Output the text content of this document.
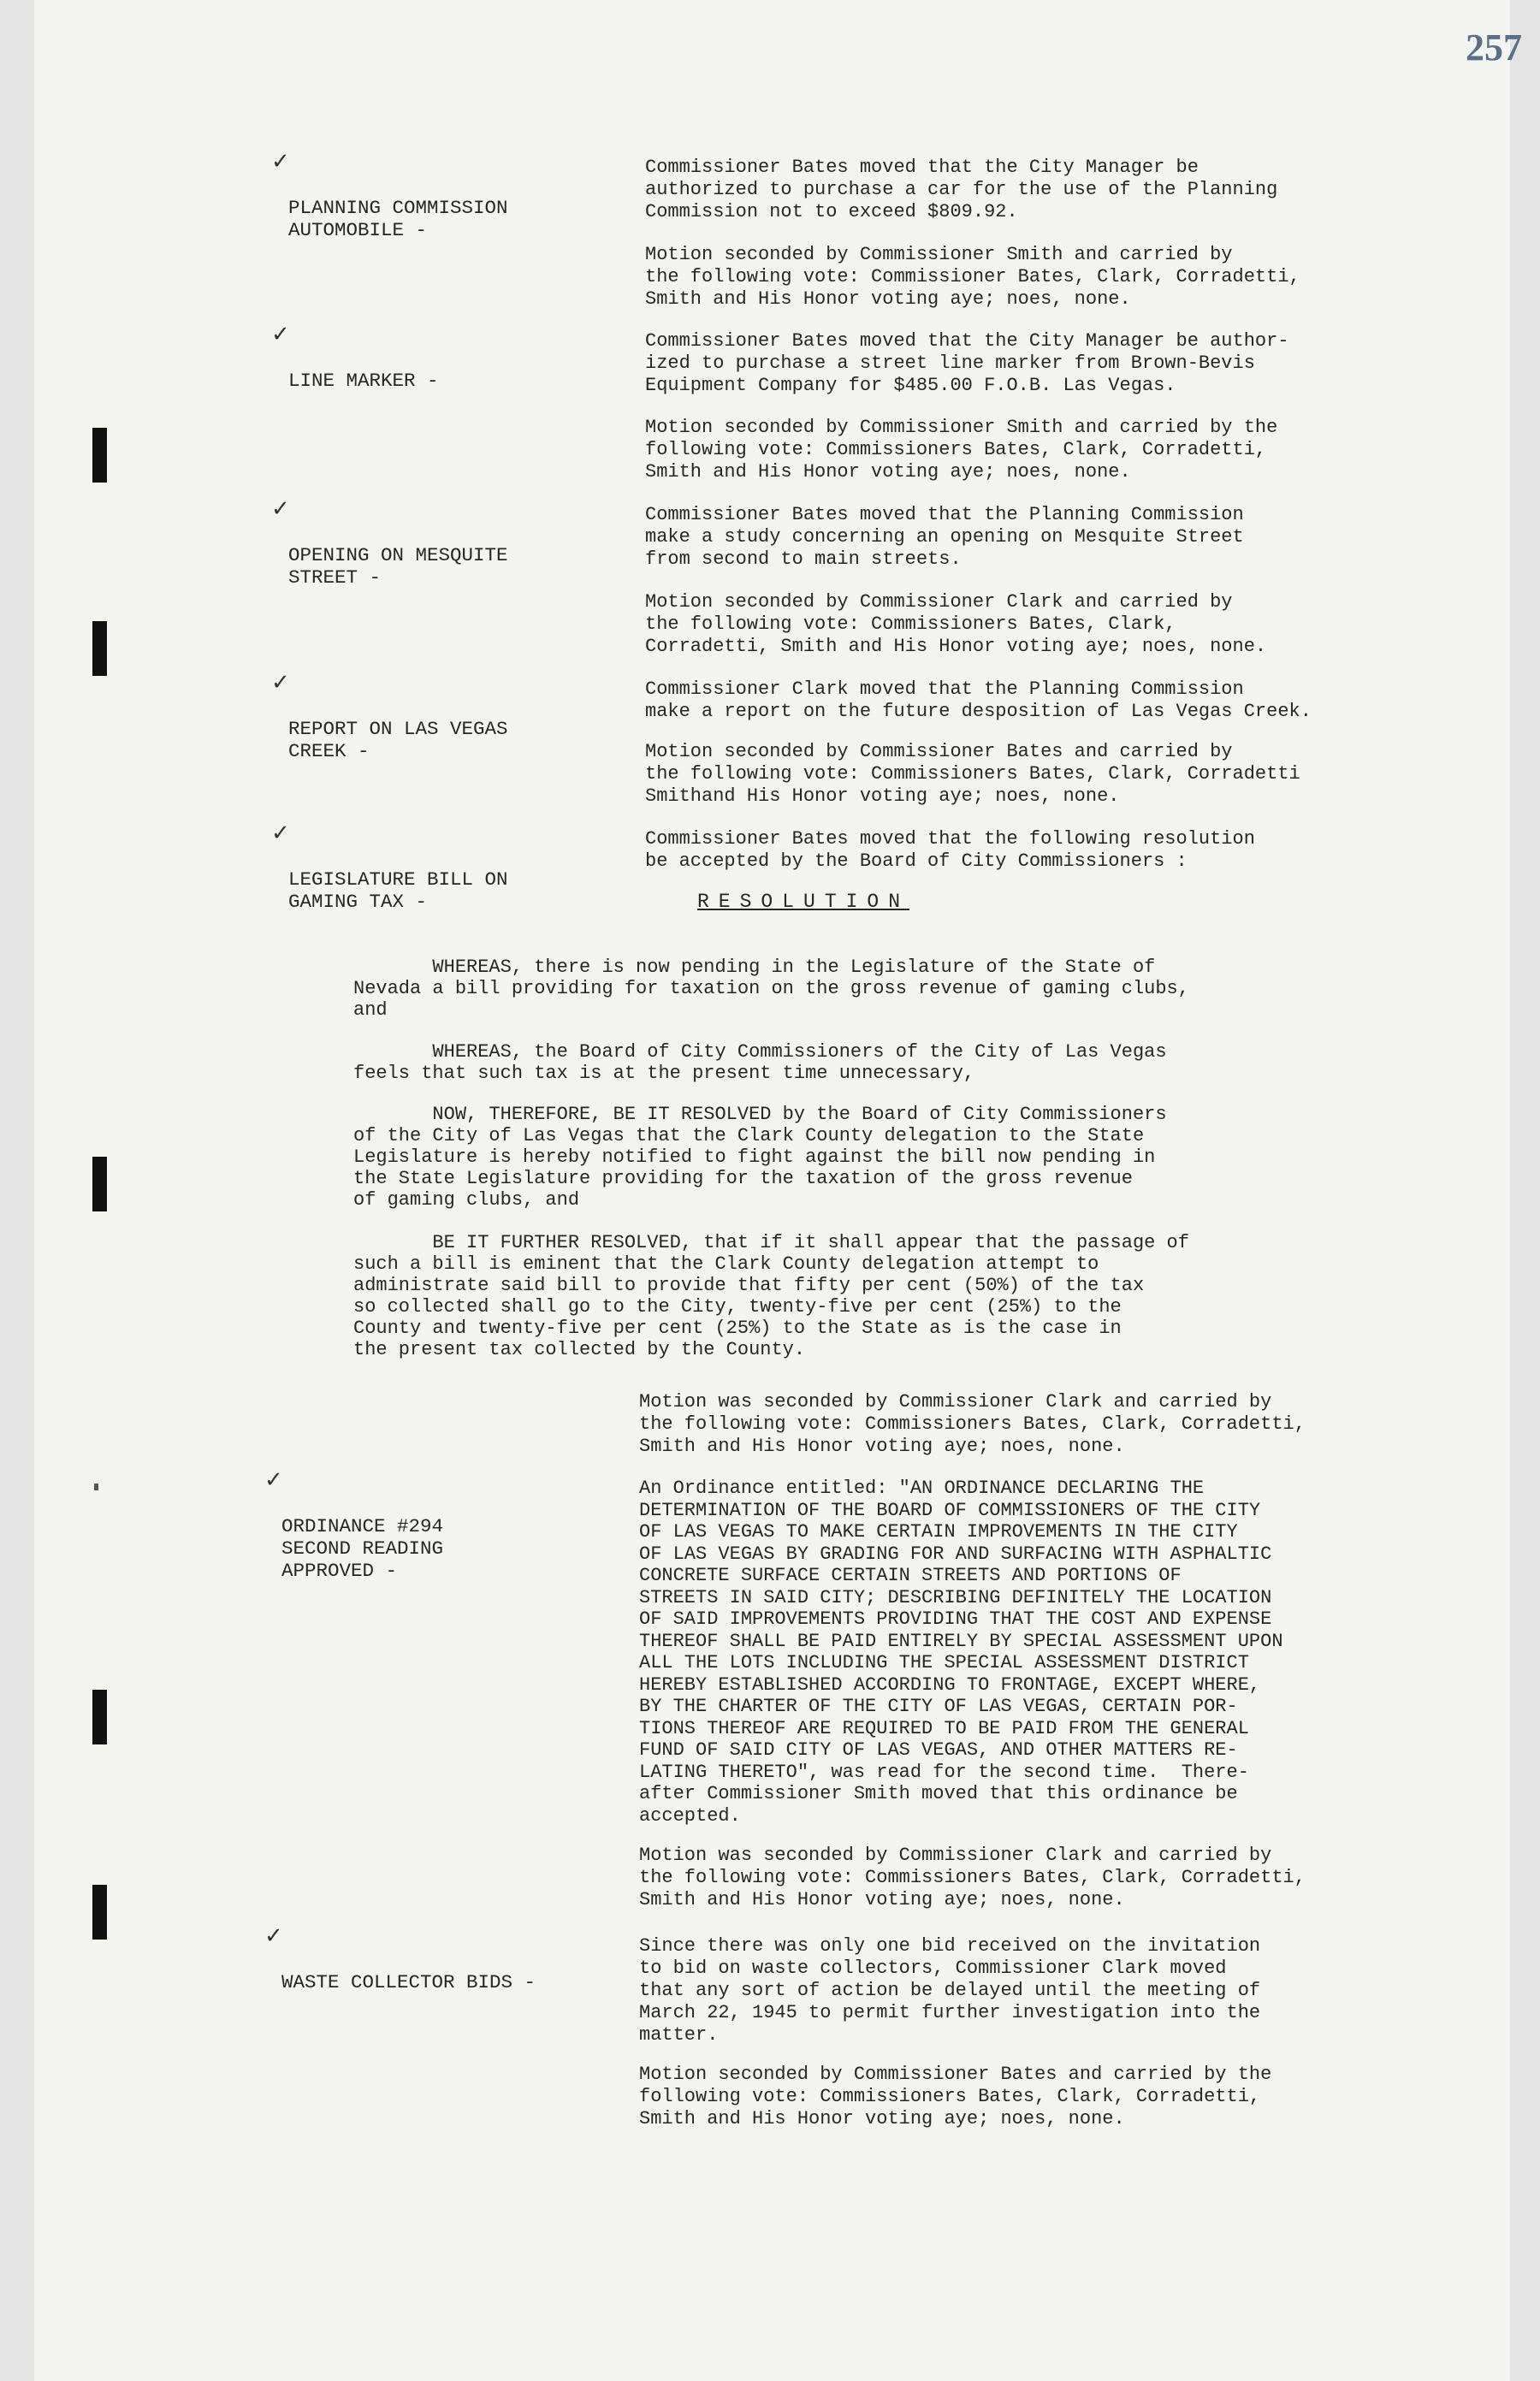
257

✓
PLANNING COMMISSION
AUTOMOBILE -

Commissioner Bates moved that the City Manager be
authorized to purchase a car for the use of the Planning
Commission not to exceed $809.92.
Motion seconded by Commissioner Smith and carried by
the following vote: Commissioner Bates, Clark, Corradetti,
Smith and His Honor voting aye; noes, none.

✓
LINE MARKER -

Commissioner Bates moved that the City Manager be author-
ized to purchase a street line marker from Brown-Bevis
Equipment Company for $485.00 F.O.B. Las Vegas.
Motion seconded by Commissioner Smith and carried by the
following vote: Commissioners Bates, Clark, Corradetti,
Smith and His Honor voting aye; noes, none.

✓
OPENING ON MESQUITE
STREET -

Commissioner Bates moved that the Planning Commission
make a study concerning an opening on Mesquite Street
from second to main streets.
Motion seconded by Commissioner Clark and carried by
the following vote: Commissioners Bates, Clark,
Corradetti, Smith and His Honor voting aye; noes, none.

✓
REPORT ON LAS VEGAS
CREEK -

Commissioner Clark moved that the Planning Commission
make a report on the future desposition of Las Vegas Creek.
Motion seconded by Commissioner Bates and carried by
the following vote: Commissioners Bates, Clark, Corradetti
Smithand His Honor voting aye; noes, none.

✓
LEGISLATURE BILL ON
GAMING TAX -

Commissioner Bates moved that the following resolution
be accepted by the Board of City Commissioners :
RESOLUTION
WHEREAS, there is now pending in the Legislature of the State of
Nevada a bill providing for taxation on the gross revenue of gaming clubs,
and
WHEREAS, the Board of City Commissioners of the City of Las Vegas
feels that such tax is at the present time unnecessary,
NOW, THEREFORE, BE IT RESOLVED by the Board of City Commissioners
of the City of Las Vegas that the Clark County delegation to the State
Legislature is hereby notified to fight against the bill now pending in
the State Legislature providing for the taxation of the gross revenue
of gaming clubs, and
BE IT FURTHER RESOLVED, that if it shall appear that the passage of
such a bill is eminent that the Clark County delegation attempt to
administrate said bill to provide that fifty per cent (50%) of the tax
so collected shall go to the City, twenty-five per cent (25%) to the
County and twenty-five per cent (25%) to the State as is the case in
the present tax collected by the County.
Motion was seconded by Commissioner Clark and carried by
the following vote: Commissioners Bates, Clark, Corradetti,
Smith and His Honor voting aye; noes, none.

✓
ORDINANCE #294
SECOND READING
APPROVED -

An Ordinance entitled: "AN ORDINANCE DECLARING THE
DETERMINATION OF THE BOARD OF COMMISSIONERS OF THE CITY
OF LAS VEGAS TO MAKE CERTAIN IMPROVEMENTS IN THE CITY
OF LAS VEGAS BY GRADING FOR AND SURFACING WITH ASPHALTIC
CONCRETE SURFACE CERTAIN STREETS AND PORTIONS OF
STREETS IN SAID CITY; DESCRIBING DEFINITELY THE LOCATION
OF SAID IMPROVEMENTS PROVIDING THAT THE COST AND EXPENSE
THEREOF SHALL BE PAID ENTIRELY BY SPECIAL ASSESSMENT UPON
ALL THE LOTS INCLUDING THE SPECIAL ASSESSMENT DISTRICT
HEREBY ESTABLISHED ACCORDING TO FRONTAGE, EXCEPT WHERE,
BY THE CHARTER OF THE CITY OF LAS VEGAS, CERTAIN POR-
TIONS THEREOF ARE REQUIRED TO BE PAID FROM THE GENERAL
FUND OF SAID CITY OF LAS VEGAS, AND OTHER MATTERS RE-
LATING THERETO", was read for the second time.  There-
after Commissioner Smith moved that this ordinance be
accepted.
Motion was seconded by Commissioner Clark and carried by
the following vote: Commissioners Bates, Clark, Corradetti,
Smith and His Honor voting aye; noes, none.

✓
WASTE COLLECTOR BIDS -

Since there was only one bid received on the invitation
to bid on waste collectors, Commissioner Clark moved
that any sort of action be delayed until the meeting of
March 22, 1945 to permit further investigation into the
matter.
Motion seconded by Commissioner Bates and carried by the
following vote: Commissioners Bates, Clark, Corradetti,
Smith and His Honor voting aye; noes, none.
